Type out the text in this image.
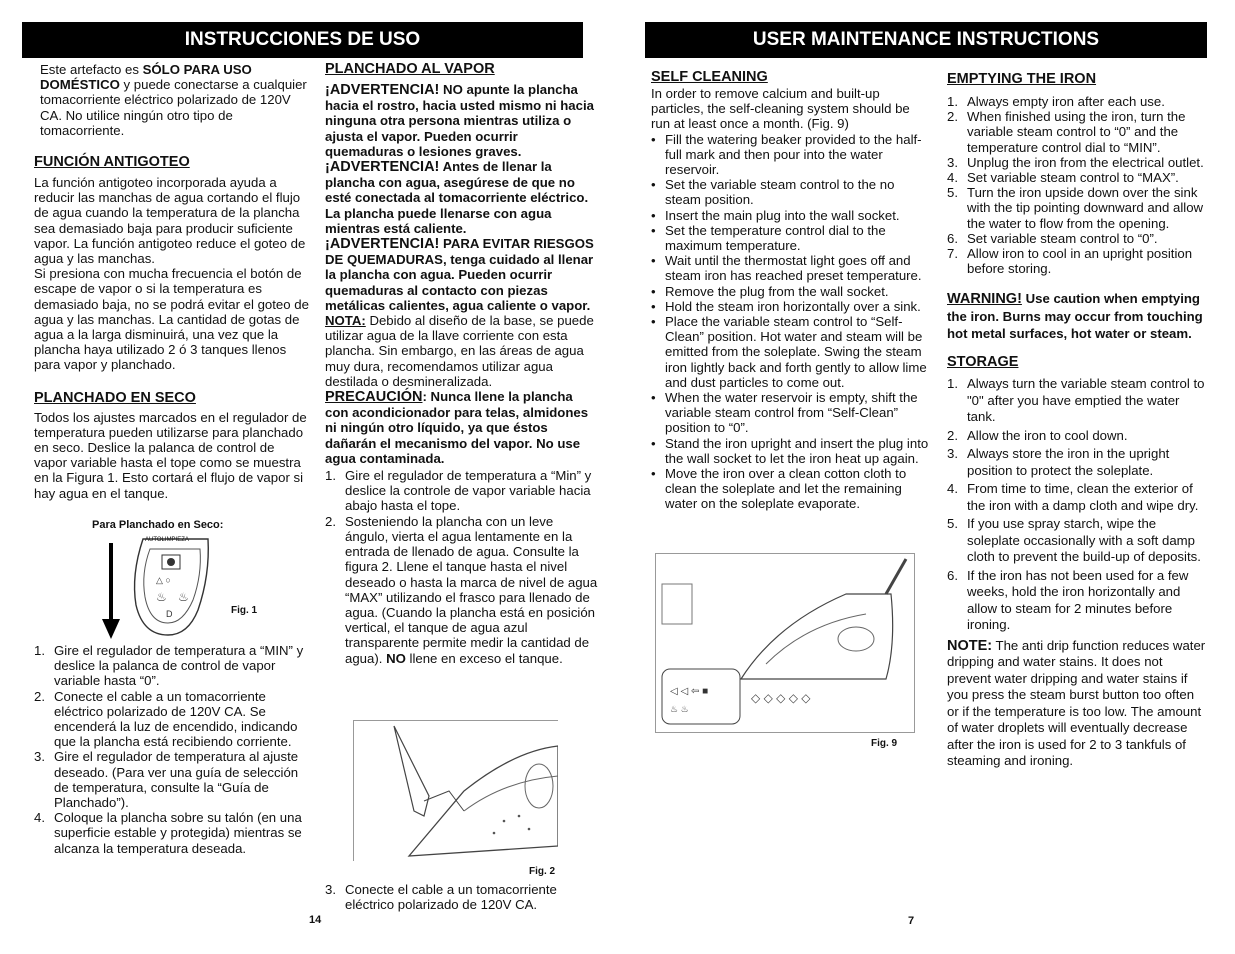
INSTRUCCIONES DE USO	USER MAINTENANCE INSTRUCTIONS

Este artefacto es SÓLO PARA USO DOMÉSTICO y puede conectarse a cualquier tomacorriente eléctrico polarizado de 120V CA. No utilice ningún otro tipo de tomacorriente.

FUNCIÓN ANTIGOTEO

La función antigoteo incorporada ayuda a reducir las manchas de agua cortando el flujo de agua cuando la temperatura de la plancha sea demasiado baja para producir suficiente vapor. La función antigoteo reduce el goteo de agua y las manchas.

Si presiona con mucha frecuencia el botón de escape de vapor o si la temperatura es demasiado baja, no se podrá evitar el goteo de agua y las manchas. La cantidad de gotas de agua a la larga disminuirá, una vez que la plancha haya utilizado 2 ó 3 tanques llenos para vapor y planchado.

PLANCHADO EN SECO

Todos los ajustes marcados en el regulador de temperatura pueden utilizarse para planchado en seco. Deslice la palanca de control de vapor variable hasta el tope como se muestra en la Figura 1. Esto cortará el flujo de vapor si hay agua en el tanque.

Para Planchado en Seco:
△ ○
♨ ♨
D
AUTOLIMPIEZA
Fig. 1
1. Gire el regulador de temperatura a “MIN” y deslice la palanca de control de vapor variable hasta “0”.
2. Conecte el cable a un tomacorriente eléctrico polarizado de 120V CA. Se encenderá la luz de encendido, indicando que la plancha está recibiendo corriente.
3. Gire el regulador de temperatura al ajuste deseado. (Para ver una guía de selección de temperatura, consulte la “Guía de Planchado”).
4. Coloque la plancha sobre su talón (en una superficie estable y protegida) mientras se alcanza la temperatura deseada.
PLANCHADO AL VAPOR

¡ADVERTENCIA! NO apunte la plancha hacia el rostro, hacia usted mismo ni hacia ninguna otra persona mientras utiliza o ajusta el vapor. Pueden ocurrir quemaduras o lesiones graves.

¡ADVERTENCIA! Antes de llenar la plancha con agua, asegúrese de que no esté conectada al tomacorriente eléctrico. La plancha puede llenarse con agua mientras está caliente.

¡ADVERTENCIA! PARA EVITAR RIESGOS DE QUEMADURAS, tenga cuidado al llenar la plancha con agua. Pueden ocurrir quemaduras al contacto con piezas metálicas calientes, agua caliente o vapor.

NOTA: Debido al diseño de la base, se puede utilizar agua de la llave corriente con esta plancha. Sin embargo, en las áreas de agua muy dura, recomendamos utilizar agua destilada o desmineralizada.

PRECAUCIÓN: Nunca llene la plancha con acondicionador para telas, almidones ni ningún otro líquido, ya que éstos dañarán el mecanismo del vapor. No use agua contaminada.

1. Gire el regulador de temperatura a “Min” y deslice la controle de vapor variable hacia abajo hasta el tope.
2. Sosteniendo la plancha con un leve ángulo, vierta el agua lentamente en la entrada de llenado de agua. Consulte la figura 2. Llene el tanque hasta el nivel deseado o hasta la marca de nivel de agua “MAX” utilizando el frasco para llenado de agua. (Cuando la plancha está en posición vertical, el tanque de agua azul transparente permite medir la cantidad de agua). NO llene en exceso el tanque.
Fig. 2
3. Conecte el cable a un tomacorriente eléctrico polarizado de 120V CA.
14
SELF CLEANING

In order to remove calcium and built-up particles, the self-cleaning system should be run at least once a month. (Fig. 9)

• Fill the watering beaker provided to the half-full mark and then pour into the water reservoir.
• Set the variable steam control to the no steam position.
• Insert the main plug into the wall socket.
• Set the temperature control dial to the maximum temperature.
• Wait until the thermostat light goes off and steam iron has reached preset temperature.
• Remove the plug from the wall socket.
• Hold the steam iron horizontally over a sink.
• Place the variable steam control to “Self-Clean” position. Hot water and steam will be emitted from the soleplate. Swing the steam iron lightly back and forth gently to allow lime and dust particles to come out.
• When the water reservoir is empty, shift the variable steam control from “Self-Clean” position to “0”.
• Stand the iron upright and insert the plug into the wall socket to let the iron heat up again.
• Move the iron over a clean cotton cloth to clean the soleplate and let the remaining water on the soleplate evaporate.
◁ ◁ ⇦ ■
♨ ♨
◇ ◇ ◇ ◇ ◇
Fig. 9
EMPTYING THE IRON
1. Always empty iron after each use.
2. When finished using the iron, turn the variable steam control to “0” and the temperature control dial to “MIN”.
3. Unplug the iron from the electrical outlet.
4. Set variable steam control to “MAX”.
5. Turn the iron upside down over the sink with the tip pointing downward and allow the water to flow from the opening.
6. Set variable steam control to “0”.
7. Allow iron to cool in an upright position before storing.

WARNING! Use caution when emptying the iron. Burns may occur from touching hot metal surfaces, hot water or steam.

STORAGE
1. Always turn the variable steam control to "0" after you have emptied the water tank.
2. Allow the iron to cool down.
3. Always store the iron in the upright position to protect the soleplate.
4. From time to time, clean the exterior of the iron with a damp cloth and wipe dry.
5. If you use spray starch, wipe the soleplate occasionally with a soft damp cloth to prevent the build-up of deposits.
6. If the iron has not been used for a few weeks, hold the iron horizontally and allow to steam for 2 minutes before ironing.

NOTE: The anti drip function reduces water dripping and water stains. It does not prevent water dripping and water stains if you press the steam burst button too often or if the temperature is too low. The amount of water droplets will eventually decrease after the iron is used for 2 to 3 tankfuls of steaming and ironing.

7
